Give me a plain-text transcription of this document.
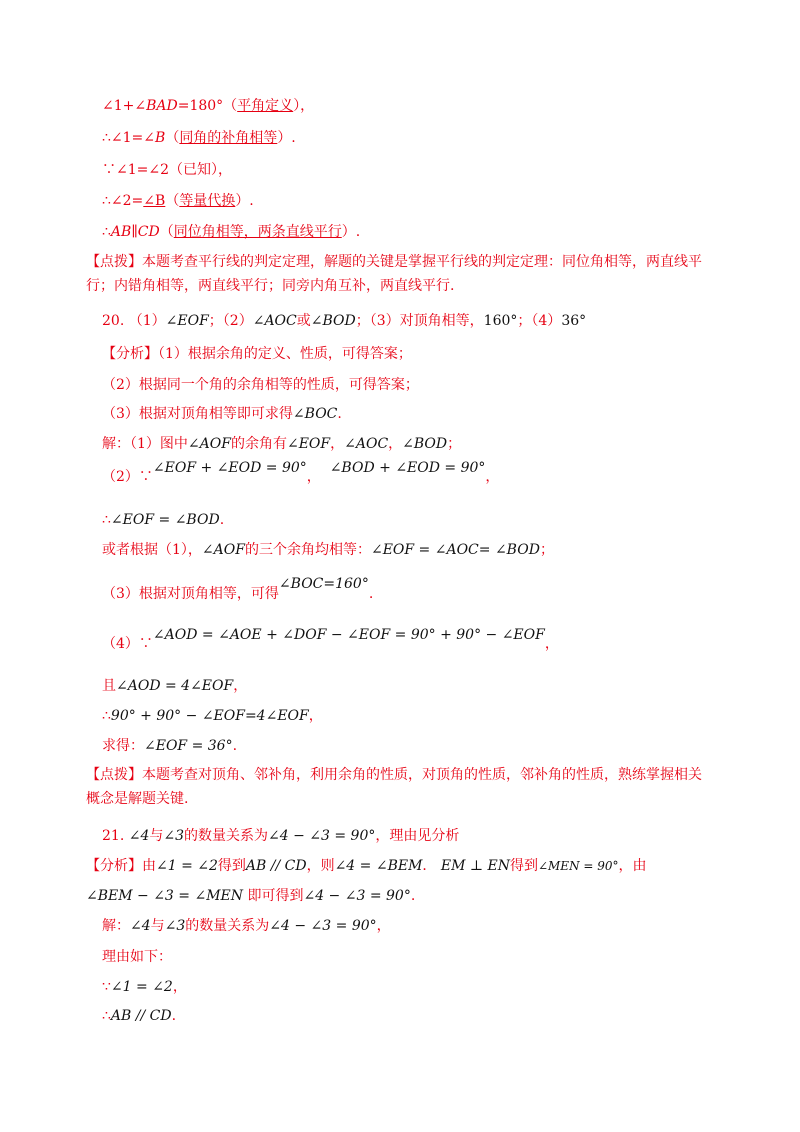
∠1+∠BAD=180°（平角定义），
∴∠1=∠B（同角的补角相等）.
∵∠1=∠2（已知），
∴∠2=∠B（等量代换）.
∴AB∥CD（同位角相等，两条直线平行）.
【点拨】本题考查平行线的判定定理，解题的关键是掌握平行线的判定定理：同位角相等，两直线平行；内错角相等，两直线平行；同旁内角互补，两直线平行.
20. （1）∠EOF；（2）∠AOC或∠BOD；（3）对顶角相等，160°；（4）36°
【分析】（1）根据余角的定义、性质，可得答案；
（2）根据同一个角的余角相等的性质，可得答案；
（3）根据对顶角相等即可求得∠BOC.
解：（1）图中∠AOF的余角有∠EOF，∠AOC，∠BOD；
（2）∵∠EOF + ∠EOD = 90°，  ∠BOD + ∠EOD = 90°，
∴∠EOF = ∠BOD.
或者根据（1），∠AOF的三个余角均相等：∠EOF = ∠AOC= ∠BOD；
（3）根据对顶角相等，可得∠BOC=160°.
（4）∵∠AOD = ∠AOE + ∠DOF − ∠EOF = 90° + 90° − ∠EOF，
且∠AOD = 4∠EOF，
∴90° + 90° − ∠EOF=4∠EOF，
求得：∠EOF = 36°.
【点拨】本题考查对顶角、邻补角，利用余角的性质，对顶角的性质，邻补角的性质，熟练掌握相关概念是解题关键.
21. ∠4与∠3的数量关系为∠4 − ∠3 = 90°，理由见分析
【分析】由∠1 = ∠2得到AB // CD，则∠4 = ∠BEM． EM ⊥ EN得到∠MEN = 90°，由
∠BEM − ∠3 = ∠MEN 即可得到∠4 − ∠3 = 90°.
解：∠4与∠3的数量关系为∠4 − ∠3 = 90°，
理由如下：
∵∠1 = ∠2，
∴AB // CD.
